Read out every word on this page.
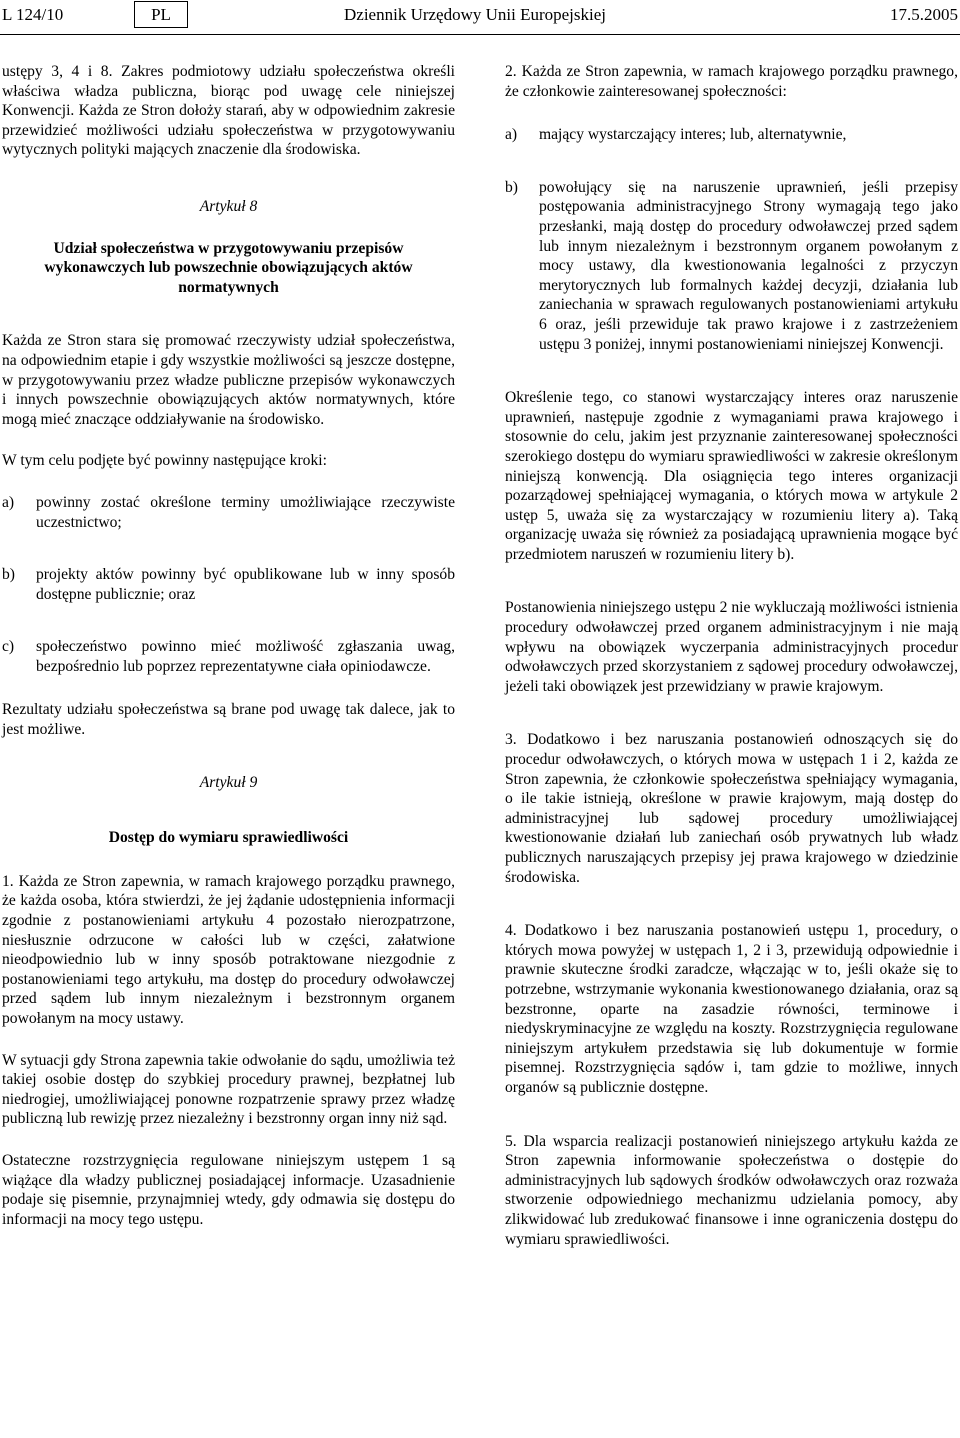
L 124/10	PL	Dziennik Urzędowy Unii Europejskiej	17.5.2005

ustępy 3, 4 i 8. Zakres podmiotowy udziału społeczeństwa określi właściwa władza publiczna, biorąc pod uwagę cele niniejszej Konwencji. Każda ze Stron dołoży starań, aby w odpowiednim zakresie przewidzieć możliwości udziału społeczeństwa w przygotowywaniu wytycznych polityki mających znaczenie dla środowiska.

Artykuł 8
Udział społeczeństwa w przygotowywaniu przepisów wykonawczych lub powszechnie obowiązujących aktów normatywnych

Każda ze Stron stara się promować rzeczywisty udział społeczeństwa, na odpowiednim etapie i gdy wszystkie możliwości są jeszcze dostępne, w przygotowywaniu przez władze publiczne przepisów wykonawczych i innych powszechnie obowiązujących aktów normatywnych, które mogą mieć znaczące oddziaływanie na środowisko.

W tym celu podjęte być powinny następujące kroki:

a)	powinny zostać określone terminy umożliwiające rzeczywiste uczestnictwo;
b)	projekty aktów powinny być opublikowane lub w inny sposób dostępne publicznie; oraz
c)	społeczeństwo powinno mieć możliwość zgłaszania uwag, bezpośrednio lub poprzez reprezentatywne ciała opiniodawcze.

Rezultaty udziału społeczeństwa są brane pod uwagę tak dalece, jak to jest możliwe.

Artykuł 9
Dostęp do wymiaru sprawiedliwości

1. Każda ze Stron zapewnia, w ramach krajowego porządku prawnego, że każda osoba, która stwierdzi, że jej żądanie udostępnienia informacji zgodnie z postanowieniami artykułu 4 pozostało nierozpatrzone, niesłusznie odrzucone w całości lub w części, załatwione nieodpowiednio lub w inny sposób potraktowane niezgodnie z postanowieniami tego artykułu, ma dostęp do procedury odwoławczej przed sądem lub innym niezależnym i bezstronnym organem powołanym na mocy ustawy.

W sytuacji gdy Strona zapewnia takie odwołanie do sądu, umożliwia też takiej osobie dostęp do szybkiej procedury prawnej, bezpłatnej lub niedrogiej, umożliwiającej ponowne rozpatrzenie sprawy przez władzę publiczną lub rewizję przez niezależny i bezstronny organ inny niż sąd.

Ostateczne rozstrzygnięcia regulowane niniejszym ustępem 1 są wiążące dla władzy publicznej posiadającej informacje. Uzasadnienie podaje się pisemnie, przynajmniej wtedy, gdy odmawia się dostępu do informacji na mocy tego ustępu.

2. Każda ze Stron zapewnia, w ramach krajowego porządku prawnego, że członkowie zainteresowanej społeczności:

a)	mający wystarczający interes; lub, alternatywnie,
b)	powołujący się na naruszenie uprawnień, jeśli przepisy postępowania administracyjnego Strony wymagają tego jako przesłanki, mają dostęp do procedury odwoławczej przed sądem lub innym niezależnym i bezstronnym organem powołanym z mocy ustawy, dla kwestionowania legalności z przyczyn merytorycznych lub formalnych każdej decyzji, działania lub zaniechania w sprawach regulowanych postanowieniami artykułu 6 oraz, jeśli przewiduje tak prawo krajowe i z zastrzeżeniem ustępu 3 poniżej, innymi postanowieniami niniejszej Konwencji.

Określenie tego, co stanowi wystarczający interes oraz naruszenie uprawnień, następuje zgodnie z wymaganiami prawa krajowego i stosownie do celu, jakim jest przyznanie zainteresowanej społeczności szerokiego dostępu do wymiaru sprawiedliwości w zakresie określonym niniejszą konwencją. Dla osiągnięcia tego interes organizacji pozarządowej spełniającej wymagania, o których mowa w artykule 2 ustęp 5, uważa się za wystarczający w rozumieniu litery a). Taką organizację uważa się również za posiadającą uprawnienia mogące być przedmiotem naruszeń w rozumieniu litery b).

Postanowienia niniejszego ustępu 2 nie wykluczają możliwości istnienia procedury odwoławczej przed organem administracyjnym i nie mają wpływu na obowiązek wyczerpania administracyjnych procedur odwoławczych przed skorzystaniem z sądowej procedury odwoławczej, jeżeli taki obowiązek jest przewidziany w prawie krajowym.

3. Dodatkowo i bez naruszania postanowień odnoszących się do procedur odwoławczych, o których mowa w ustępach 1 i 2, każda ze Stron zapewnia, że członkowie społeczeństwa spełniający wymagania, o ile takie istnieją, określone w prawie krajowym, mają dostęp do administracyjnej lub sądowej procedury umożliwiającej kwestionowanie działań lub zaniechań osób prywatnych lub władz publicznych naruszających przepisy jej prawa krajowego w dziedzinie środowiska.

4. Dodatkowo i bez naruszania postanowień ustępu 1, procedury, o których mowa powyżej w ustępach 1, 2 i 3, przewidują odpowiednie i prawnie skuteczne środki zaradcze, włączając w to, jeśli okaże się to potrzebne, wstrzymanie wykonania kwestionowanego działania, oraz są bezstronne, oparte na zasadzie równości, terminowe i niedyskryminacyjne ze względu na koszty. Rozstrzygnięcia regulowane niniejszym artykułem przedstawia się lub dokumentuje w formie pisemnej. Rozstrzygnięcia sądów i, tam gdzie to możliwe, innych organów są publicznie dostępne.

5. Dla wsparcia realizacji postanowień niniejszego artykułu każda ze Stron zapewnia informowanie społeczeństwa o dostępie do administracyjnych lub sądowych środków odwoławczych oraz rozważa stworzenie odpowiedniego mechanizmu udzielania pomocy, aby zlikwidować lub zredukować finansowe i inne ograniczenia dostępu do wymiaru sprawiedliwości.
